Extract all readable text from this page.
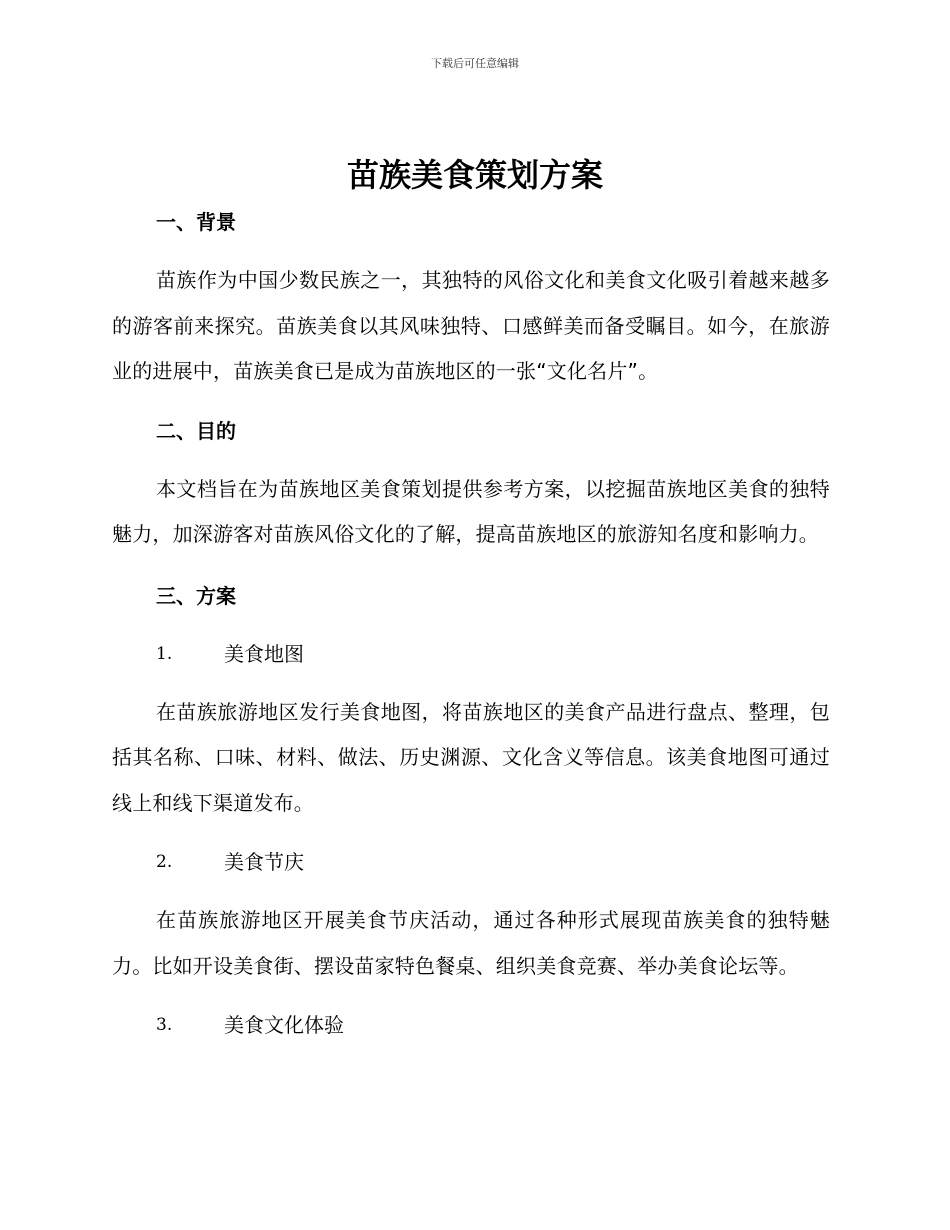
下载后可任意编辑
苗族美食策划方案
一、背景

苗族作为中国少数民族之一，其独特的风俗文化和美食文化吸引着越来越多的游客前来探究。苗族美食以其风味独特、口感鲜美而备受瞩目。如今，在旅游业的进展中，苗族美食已是成为苗族地区的一张“文化名片”。

二、目的

本文档旨在为苗族地区美食策划提供参考方案，以挖掘苗族地区美食的独特魅力，加深游客对苗族风俗文化的了解，提高苗族地区的旅游知名度和影响力。

三、方案
1.	美食地图

在苗族旅游地区发行美食地图，将苗族地区的美食产品进行盘点、整理，包括其名称、口味、材料、做法、历史渊源、文化含义等信息。该美食地图可通过线上和线下渠道发布。

2.	美食节庆

在苗族旅游地区开展美食节庆活动，通过各种形式展现苗族美食的独特魅力。比如开设美食街、摆设苗家特色餐桌、组织美食竞赛、举办美食论坛等。

3.	美食文化体验
